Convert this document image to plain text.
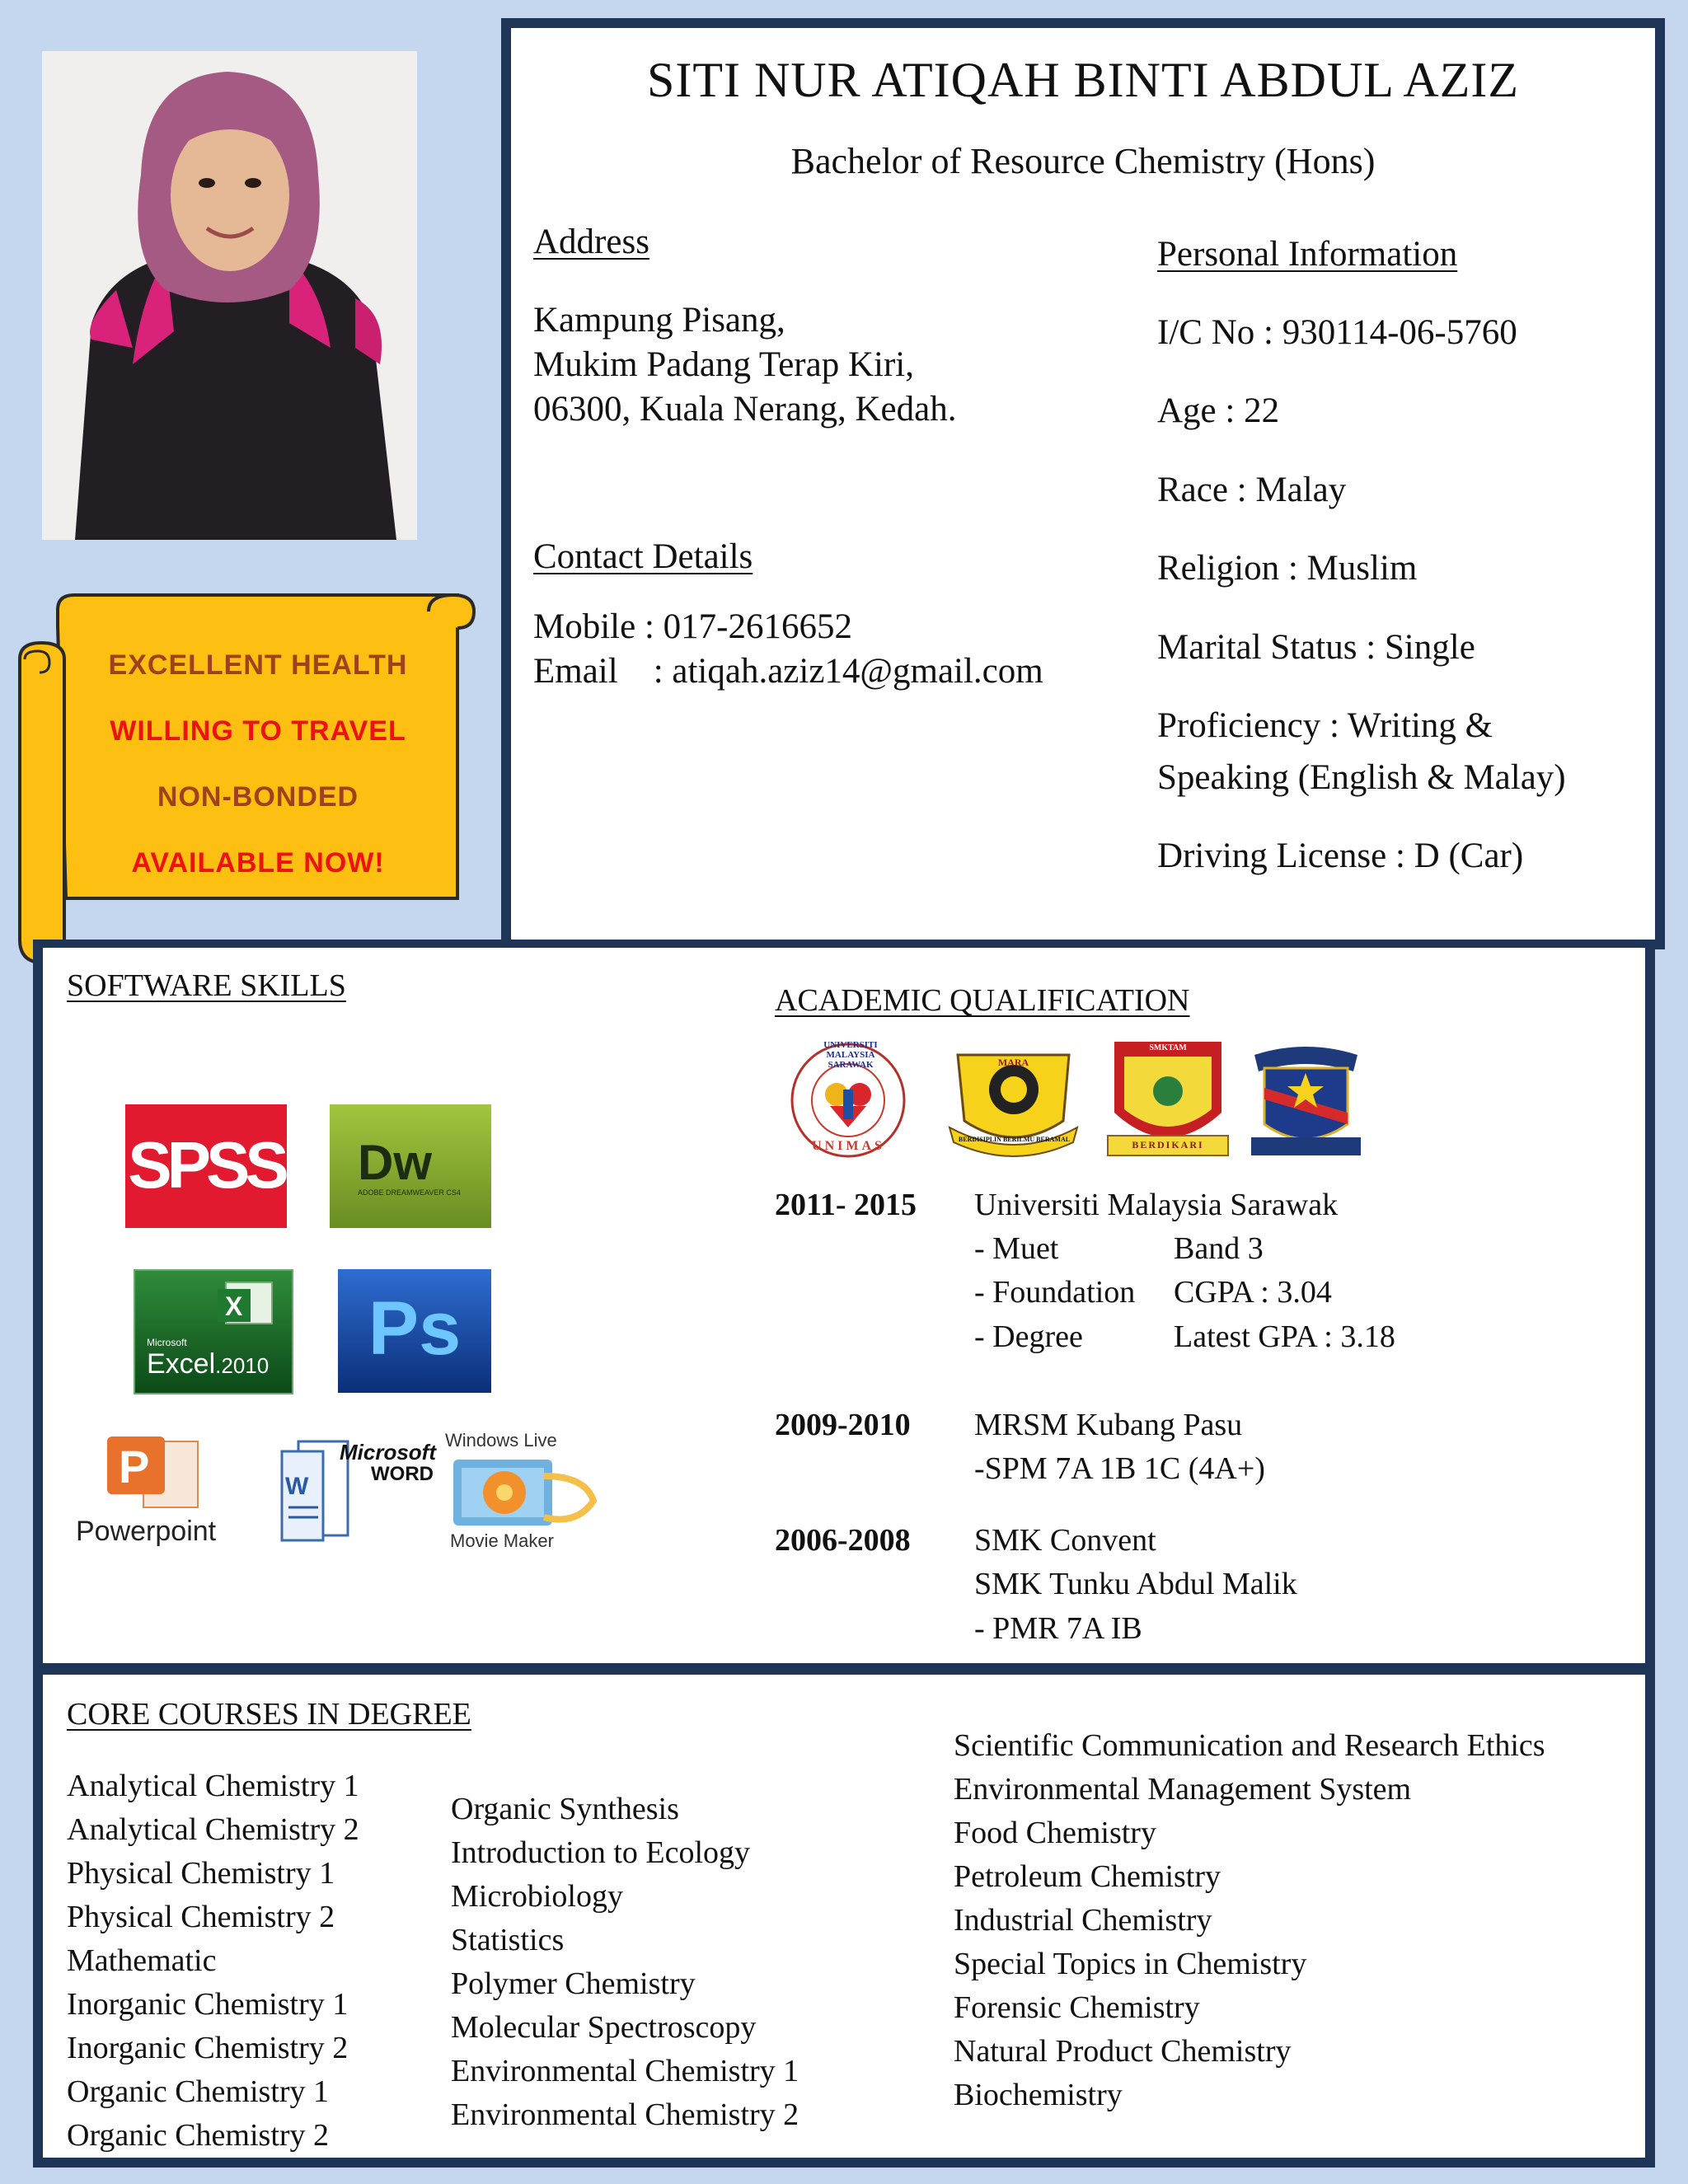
EXCELLENT HEALTH
WILLING TO TRAVEL
NON-BONDED
AVAILABLE NOW!
SITI NUR ATIQAH BINTI ABDUL AZIZ
Bachelor of Resource Chemistry (Hons)
Address
Kampung Pisang,
Mukim Padang Terap Kiri,
06300, Kuala Nerang, Kedah.
Contact Details
Mobile : 017-2616652
Email    : atiqah.aziz14@gmail.com
Personal Information
I/C No : 930114-06-5760
Age : 22
Race : Malay
Religion : Muslim
Marital Status : Single
Proficiency : Writing &
Speaking (English & Malay)
Driving License : D (Car)
SOFTWARE SKILLS
SPSS Dw
ADOBE DREAMWEAVER CS4
X
Microsoft
Excel.2010	Ps
P
Powerpoint
W
Microsoft
WORD
Windows Live
Movie Maker
ACADEMIC QUALIFICATION
UNIVERSITI MALAYSIA SARAWAK
UNIMAS
MARA
BERDISIPLIN BERILMU BERAMAL
SMKTAM
BERDIKARI
2011- 2015 Universiti Malaysia Sarawak
- Muet	Band 3
- Foundation CGPA : 3.04
- Degree	Latest GPA : 3.18
2009-2010 MRSM Kubang Pasu
-SPM 7A 1B 1C (4A+)
2006-2008 SMK Convent
SMK Tunku Abdul Malik
- PMR 7A IB
CORE COURSES IN DEGREE
Analytical Chemistry 1
Analytical Chemistry 2
Physical Chemistry 1
Physical Chemistry 2
Mathematic
Inorganic Chemistry 1
Inorganic Chemistry 2
Organic Chemistry 1
Organic Chemistry 2
Organic Synthesis
Introduction to Ecology
Microbiology
Statistics
Polymer Chemistry
Molecular Spectroscopy
Environmental Chemistry 1
Environmental Chemistry 2
Scientific Communication and Research Ethics
Environmental Management System
Food Chemistry
Petroleum Chemistry
Industrial Chemistry
Special Topics in Chemistry
Forensic Chemistry
Natural Product Chemistry
Biochemistry
